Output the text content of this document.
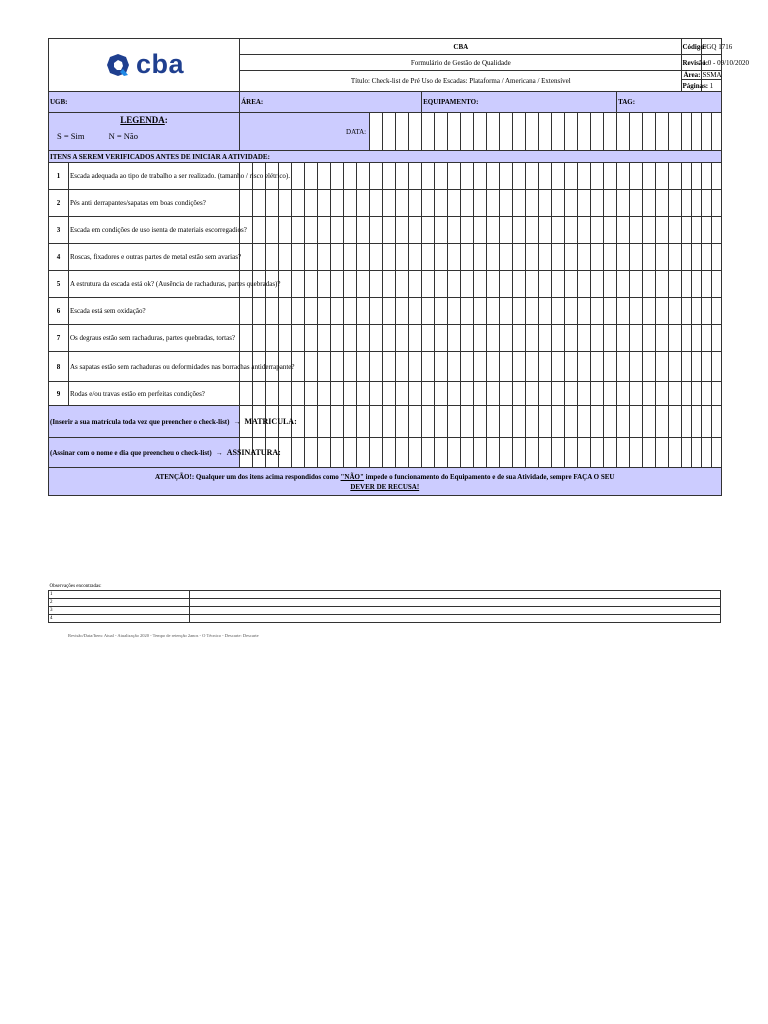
cba		CBA																																		Código:		FGQ 1716	
		Formulário de Gestão de Qualidade																																		Revisão:		1.0 - 09/10/2020	
		Título: Check-list de Pré Uso de Escadas: Plataforma / Americana / Extensível																																		Área:		SSMA	
																																				Páginas:		1	
UGB:		ÁREA:														EQUIPAMENTO:															TAG:								

LEGENDA:
S = Sim N = Não		DATA:																																					
ITENS A SEREM VERIFICADOS ANTES DE INICIAR A ATIVIDADE:																																							
1	Escada adequada ao tipo de trabalho a ser realizado. (tamanho / risco elétrico).																																						
2	Pés anti derrapantes/sapatas em boas condições?																																						
3	Escada em condições de uso isenta de materiais escorregadios?																																						
4	Roscas, fixadores e outras partes de metal estão sem avarias?																																						
5	A estrutura da escada está ok? (Ausência de rachaduras, partes quebradas)?																																						
6	Escada está sem oxidação?																																						
7	Os degraus estão sem rachaduras, partes quebradas, tortas?																																						
8	As sapatas estão sem rachaduras ou deformidades nas borrachas antiderrapante?																																						
9	Rodas e/ou travas estão em perfeitas condições?																																						
(Inserir a sua matrícula toda vez que preencher o check-list) → MATRICULA:																																							
(Assinar com o nome e dia que preencheu o check-list) → ASSINATURA:																																							
ATENÇÃO!: Qualquer um dos itens acima respondidos como "NÃO" impede o funcionamento do Equipamento e de sua Atividade, sempre FAÇA O SEU
DEVER DE RECUSA!																																							
Observações encontradas:	
1	
2	
3	
4	
Revisão/Data/Item: Atual - Atualização 2020 - Tempo de retenção 2anos - O Técnico - Descarte: Descarte
